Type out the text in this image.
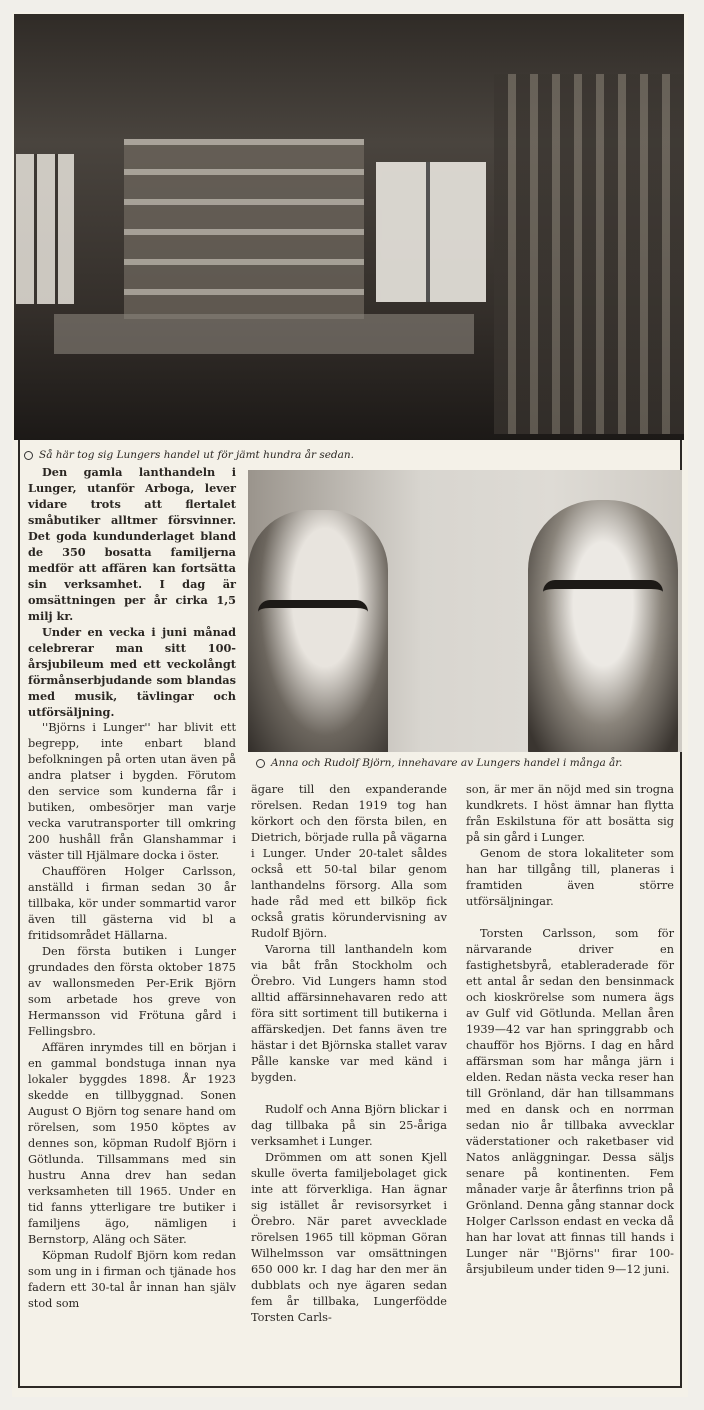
Så här tog sig Lungers handel ut för jämt hundra år sedan.

Den gamla lanthandeln i Lunger, utanför Arboga, lever vidare trots att flertalet småbutiker alltmer försvinner. Det goda kundunderlaget bland de 350 bosatta familjerna medför att affären kan fortsätta sin verksamhet. I dag är omsättningen per år cirka 1,5 milj kr.

Under en vecka i juni månad celebrerar man sitt 100-årsjubileum med ett veckolångt förmånserbjudande som blandas med musik, tävlingar och utförsäljning.

''Björns i Lunger'' har blivit ett begrepp, inte enbart bland befolkningen på orten utan även på andra platser i bygden. Förutom den service som kunderna får i butiken, ombesörjer man varje vecka varutransporter till omkring 200 hushåll från Glanshammar i väster till Hjälmare docka i öster.

Chauffören Holger Carlsson, anställd i firman sedan 30 år tillbaka, kör under sommartid varor även till gästerna vid bl a fritidsområdet Hällarna.

Den första butiken i Lunger grundades den första oktober 1875 av wallonsmeden Per-Erik Björn som arbetade hos greve von Hermansson vid Frötuna gård i Fellingsbro.

Affären inrymdes till en början i en gammal bondstuga innan nya lokaler byggdes 1898. År 1923 skedde en tillbyggnad. Sonen August O Björn tog senare hand om rörelsen, som 1950 köptes av dennes son, köpman Rudolf Björn i Götlunda. Tillsammans med sin hustru Anna drev han sedan verksamheten till 1965. Under en tid fanns ytterligare tre butiker i familjens ägo, nämligen i Bernstorp, Aläng och Säter.

Köpman Rudolf Björn kom redan som ung in i firman och tjänade hos fadern ett 30-tal år innan han själv stod som

Anna och Rudolf Björn, innehavare av Lungers handel i många år.

ägare till den expanderande rörelsen. Redan 1919 tog han körkort och den första bilen, en Dietrich, började rulla på vägarna i Lunger. Under 20-talet såldes också ett 50-tal bilar genom lanthandelns försorg. Alla som hade råd med ett bilköp fick också gratis körundervisning av Rudolf Björn.

Varorna till lanthandeln kom via båt från Stockholm och Örebro. Vid Lungers hamn stod alltid affärsinnehavaren redo att föra sitt sortiment till butikerna i affärskedjen. Det fanns även tre hästar i det Björnska stallet varav Pålle kanske var med känd i bygden.

Rudolf och Anna Björn blickar i dag tillbaka på sin 25-åriga verksamhet i Lunger.

Drömmen om att sonen Kjell skulle överta familjebolaget gick inte att förverkliga. Han ägnar sig istället år revisorsyrket i Örebro. När paret avvecklade rörelsen 1965 till köpman Göran Wilhelmsson var omsättningen 650 000 kr. I dag har den mer än dubblats och nye ägaren sedan fem år tillbaka, Lungerfödde Torsten Carls-

son, är mer än nöjd med sin trogna kundkrets. I höst ämnar han flytta från Eskilstuna för att bosätta sig på sin gård i Lunger.

Genom de stora lokaliteter som han har tillgång till, planeras i framtiden även större utförsäljningar.

Torsten Carlsson, som för närvarande driver en fastighetsbyrå, etableraderade för ett antal år sedan den bensinmack och kioskrörelse som numera ägs av Gulf vid Götlunda. Mellan åren 1939—42 var han springgrabb och chaufför hos Björns. I dag en hård affärsman som har många järn i elden. Redan nästa vecka reser han till Grönland, där han tillsammans med en dansk och en norrman sedan nio år tillbaka avvecklar väderstationer och raketbaser vid Natos anläggningar. Dessa säljs senare på kontinenten. Fem månader varje år återfinns trion på Grönland. Denna gång stannar dock Holger Carlsson endast en vecka då han har lovat att finnas till hands i Lunger när ''Björns'' firar 100-årsjubileum under tiden 9—12 juni.
